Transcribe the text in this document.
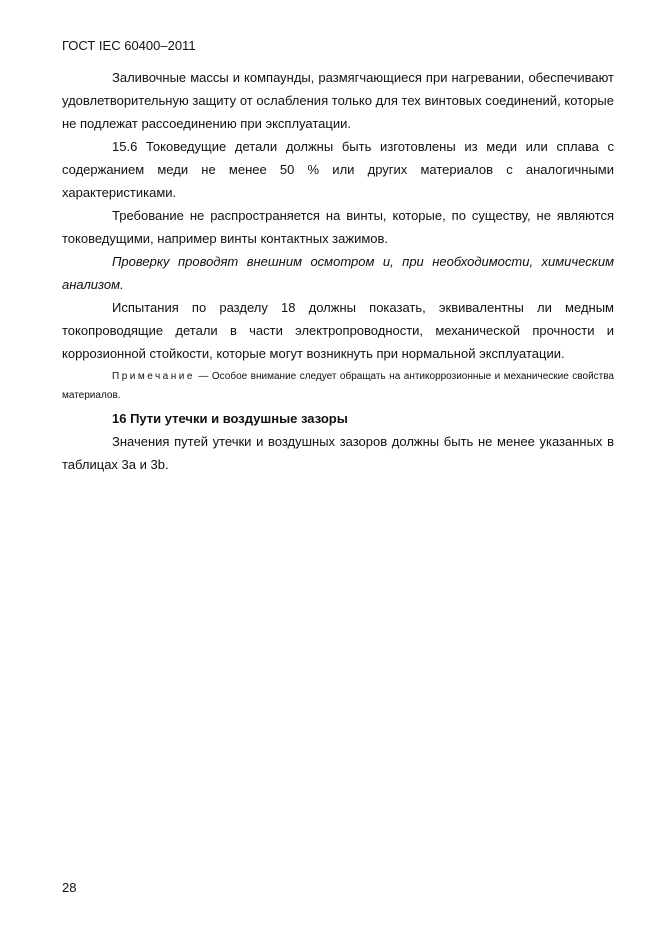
ГОСТ IEC 60400–2011

Заливочные массы и компаунды, размягчающиеся при нагревании, обеспечивают удовлетворительную защиту от ослабления только для тех винтовых соединений, которые не подлежат рассоединению при эксплуатации.

15.6 Токоведущие детали должны быть изготовлены из меди или сплава с содержанием меди не менее 50 % или других материалов с аналогичными характеристиками.

Требование не распространяется на винты, которые, по существу, не являются токоведущими, например винты контактных зажимов.

Проверку проводят внешним осмотром и, при необходимости, химическим анализом.

Испытания по разделу 18 должны показать, эквивалентны ли медным токопроводящие детали в части электропроводности, механической прочности и коррозионной стойкости, которые могут возникнуть при нормальной эксплуатации.

Примечание — Особое внимание следует обращать на антикоррозионные и механические свойства материалов.

16 Пути утечки и воздушные зазоры

Значения путей утечки и воздушных зазоров должны быть не менее указанных в таблицах 3а и 3b.

28
